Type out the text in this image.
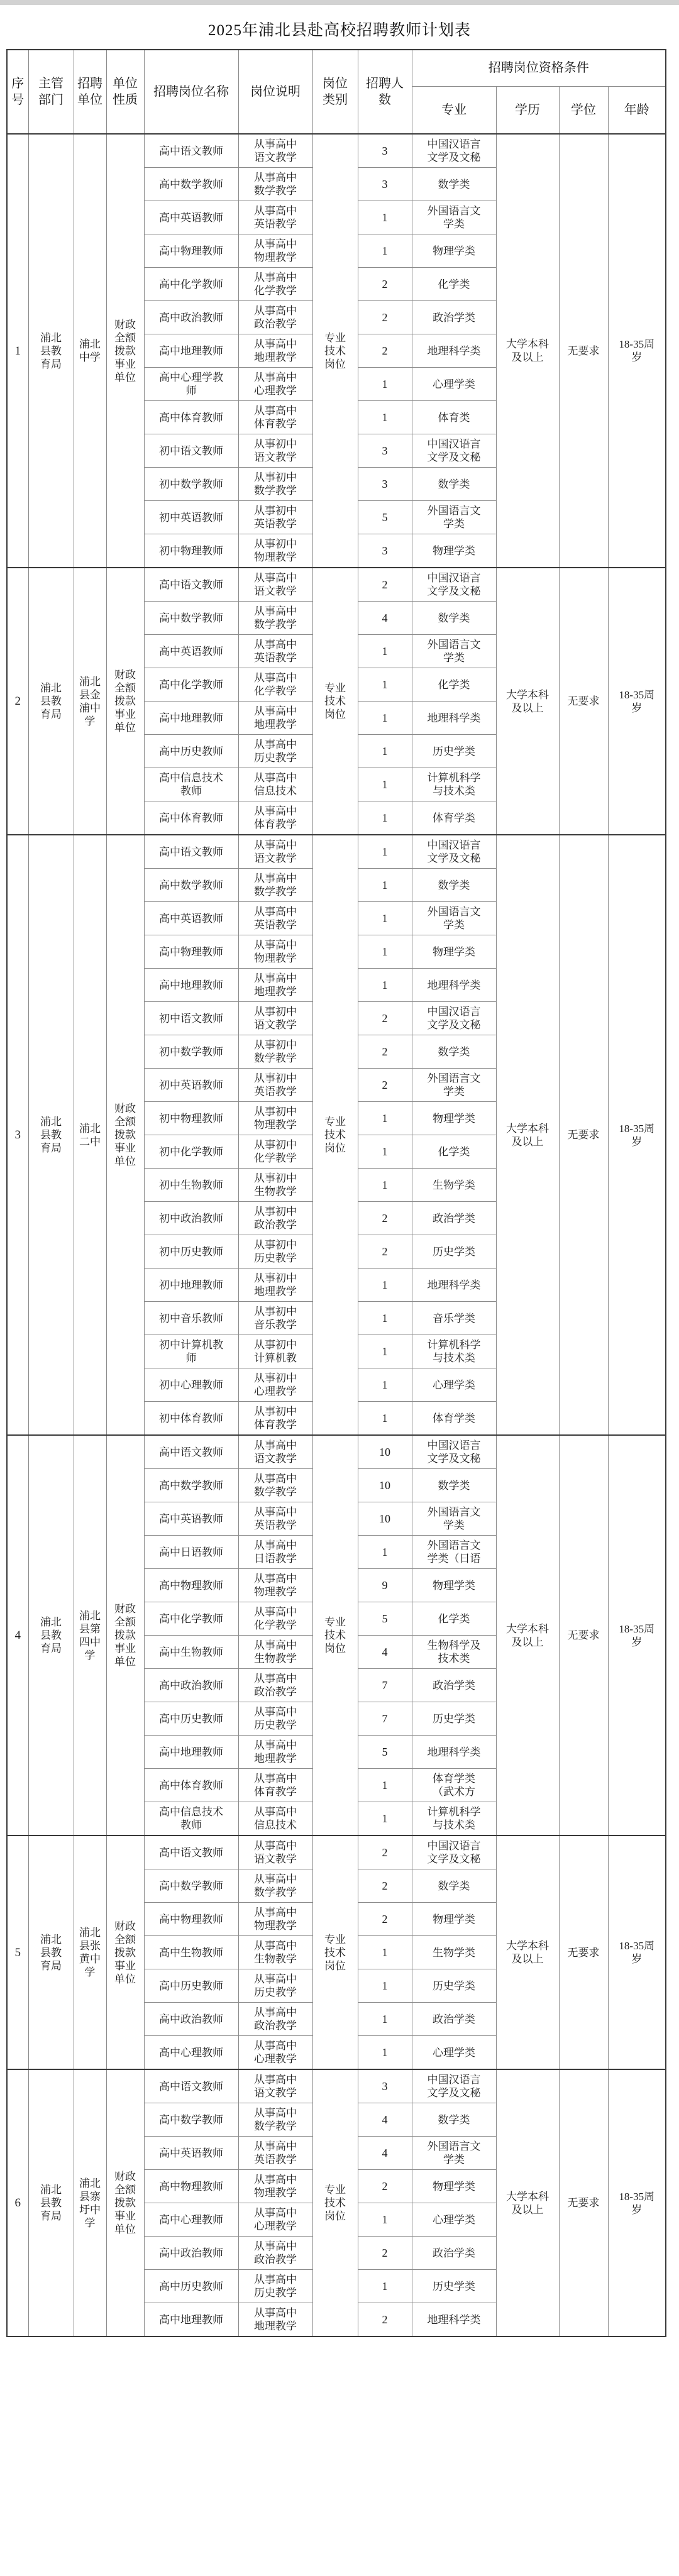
2025年浦北县赴高校招聘教师计划表
序号	主管部门	招聘单位	单位性质	招聘岗位名称	岗位说明	岗位类别	招聘人数	招聘岗位资格条件			
								专业	学历	学位	年龄
1	浦北县教育局	浦北中学	财政全额拨款事业单位	高中语文教师	从事高中语文教学	专业技术岗位	3	中国汉语言文学及文秘	大学本科及以上	无要求	18-35周岁
				高中数学教师	从事高中数学教学		3	数学类			
				高中英语教师	从事高中英语教学		1	外国语言文学类			
				高中物理教师	从事高中物理教学		1	物理学类			
				高中化学教师	从事高中化学教学		2	化学类			
				高中政治教师	从事高中政治教学		2	政治学类			
				高中地理教师	从事高中地理教学		2	地理科学类			
				高中心理学教师	从事高中心理教学		1	心理学类			
				高中体育教师	从事高中体育教学		1	体育类			
				初中语文教师	从事初中语文教学		3	中国汉语言文学及文秘			
				初中数学教师	从事初中数学教学		3	数学类			
				初中英语教师	从事初中英语教学		5	外国语言文学类			
				初中物理教师	从事初中物理教学		3	物理学类			
2	浦北县教育局	浦北县金浦中学	财政全额拨款事业单位	高中语文教师	从事高中语文教学	专业技术岗位	2	中国汉语言文学及文秘	大学本科及以上	无要求	18-35周岁
				高中数学教师	从事高中数学教学		4	数学类			
				高中英语教师	从事高中英语教学		1	外国语言文学类			
				高中化学教师	从事高中化学教学		1	化学类			
				高中地理教师	从事高中地理教学		1	地理科学类			
				高中历史教师	从事高中历史教学		1	历史学类			
				高中信息技术教师	从事高中信息技术		1	计算机科学与技术类			
				高中体育教师	从事高中体育教学		1	体育学类			
3	浦北县教育局	浦北二中	财政全额拨款事业单位	高中语文教师	从事高中语文教学	专业技术岗位	1	中国汉语言文学及文秘	大学本科及以上	无要求	18-35周岁
				高中数学教师	从事高中数学教学		1	数学类			
				高中英语教师	从事高中英语教学		1	外国语言文学类			
				高中物理教师	从事高中物理教学		1	物理学类			
				高中地理教师	从事高中地理教学		1	地理科学类			
				初中语文教师	从事初中语文教学		2	中国汉语言文学及文秘			
				初中数学教师	从事初中数学教学		2	数学类			
				初中英语教师	从事初中英语教学		2	外国语言文学类			
				初中物理教师	从事初中物理教学		1	物理学类			
				初中化学教师	从事初中化学教学		1	化学类			
				初中生物教师	从事初中生物教学		1	生物学类			
				初中政治教师	从事初中政治教学		2	政治学类			
				初中历史教师	从事初中历史教学		2	历史学类			
				初中地理教师	从事初中地理教学		1	地理科学类			
				初中音乐教师	从事初中音乐教学		1	音乐学类			
				初中计算机教师	从事初中计算机教		1	计算机科学与技术类			
				初中心理教师	从事初中心理教学		1	心理学类			
				初中体育教师	从事初中体育教学		1	体育学类			
4	浦北县教育局	浦北县第四中学	财政全额拨款事业单位	高中语文教师	从事高中语文教学	专业技术岗位	10	中国汉语言文学及文秘	大学本科及以上	无要求	18-35周岁
				高中数学教师	从事高中数学教学		10	数学类			
				高中英语教师	从事高中英语教学		10	外国语言文学类			
				高中日语教师	从事高中日语教学		1	外国语言文学类（日语			
				高中物理教师	从事高中物理教学		9	物理学类			
				高中化学教师	从事高中化学教学		5	化学类			
				高中生物教师	从事高中生物教学		4	生物科学及技术类			
				高中政治教师	从事高中政治教学		7	政治学类			
				高中历史教师	从事高中历史教学		7	历史学类			
				高中地理教师	从事高中地理教学		5	地理科学类			
				高中体育教师	从事高中体育教学		1	体育学类（武术方			
				高中信息技术教师	从事高中信息技术		1	计算机科学与技术类			
5	浦北县教育局	浦北县张黄中学	财政全额拨款事业单位	高中语文教师	从事高中语文教学	专业技术岗位	2	中国汉语言文学及文秘	大学本科及以上	无要求	18-35周岁
				高中数学教师	从事高中数学教学		2	数学类			
				高中物理教师	从事高中物理教学		2	物理学类			
				高中生物教师	从事高中生物教学		1	生物学类			
				高中历史教师	从事高中历史教学		1	历史学类			
				高中政治教师	从事高中政治教学		1	政治学类			
				高中心理教师	从事高中心理教学		1	心理学类			
6	浦北县教育局	浦北县寨圩中学	财政全额拨款事业单位	高中语文教师	从事高中语文教学	专业技术岗位	3	中国汉语言文学及文秘	大学本科及以上	无要求	18-35周岁
				高中数学教师	从事高中数学教学		4	数学类			
				高中英语教师	从事高中英语教学		4	外国语言文学类			
				高中物理教师	从事高中物理教学		2	物理学类			
				高中心理教师	从事高中心理教学		1	心理学类			
				高中政治教师	从事高中政治教学		2	政治学类			
				高中历史教师	从事高中历史教学		1	历史学类			
				高中地理教师	从事高中地理教学		2	地理科学类			
